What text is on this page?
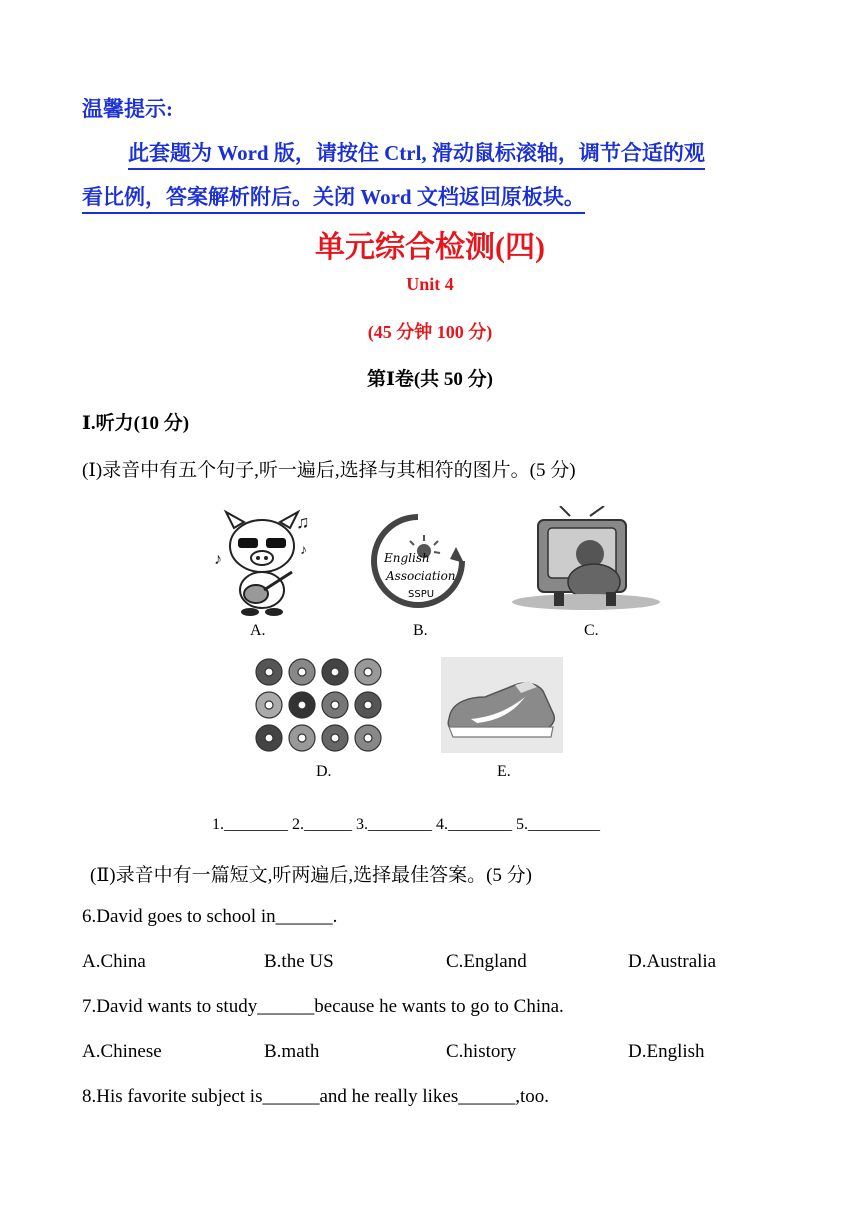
温馨提示:
此套题为 Word 版，请按住 Ctrl, 滑动鼠标滚轴，调节合适的观
看比例，答案解析附后。关闭 Word 文档返回原板块。
单元综合检测(四)
Unit 4
(45 分钟 100 分)
第Ⅰ卷(共 50 分)
Ⅰ.听力(10 分)
(Ⅰ)录音中有五个句子,听一遍后,选择与其相符的图片。(5 分)
♪
♫
♪
A.
English
Association
SSPU
B.	C.
D.	E.
1.________ 2.______ 3.________ 4.________ 5._________
(Ⅱ)录音中有一篇短文,听两遍后,选择最佳答案。(5 分)
6.David goes to school in______.
A.China	B.the US	C.England	D.Australia
7.David wants to study______because he wants to go to China.
A.Chinese	B.math	C.history	D.English
8.His favorite subject is______and he really likes______,too.
